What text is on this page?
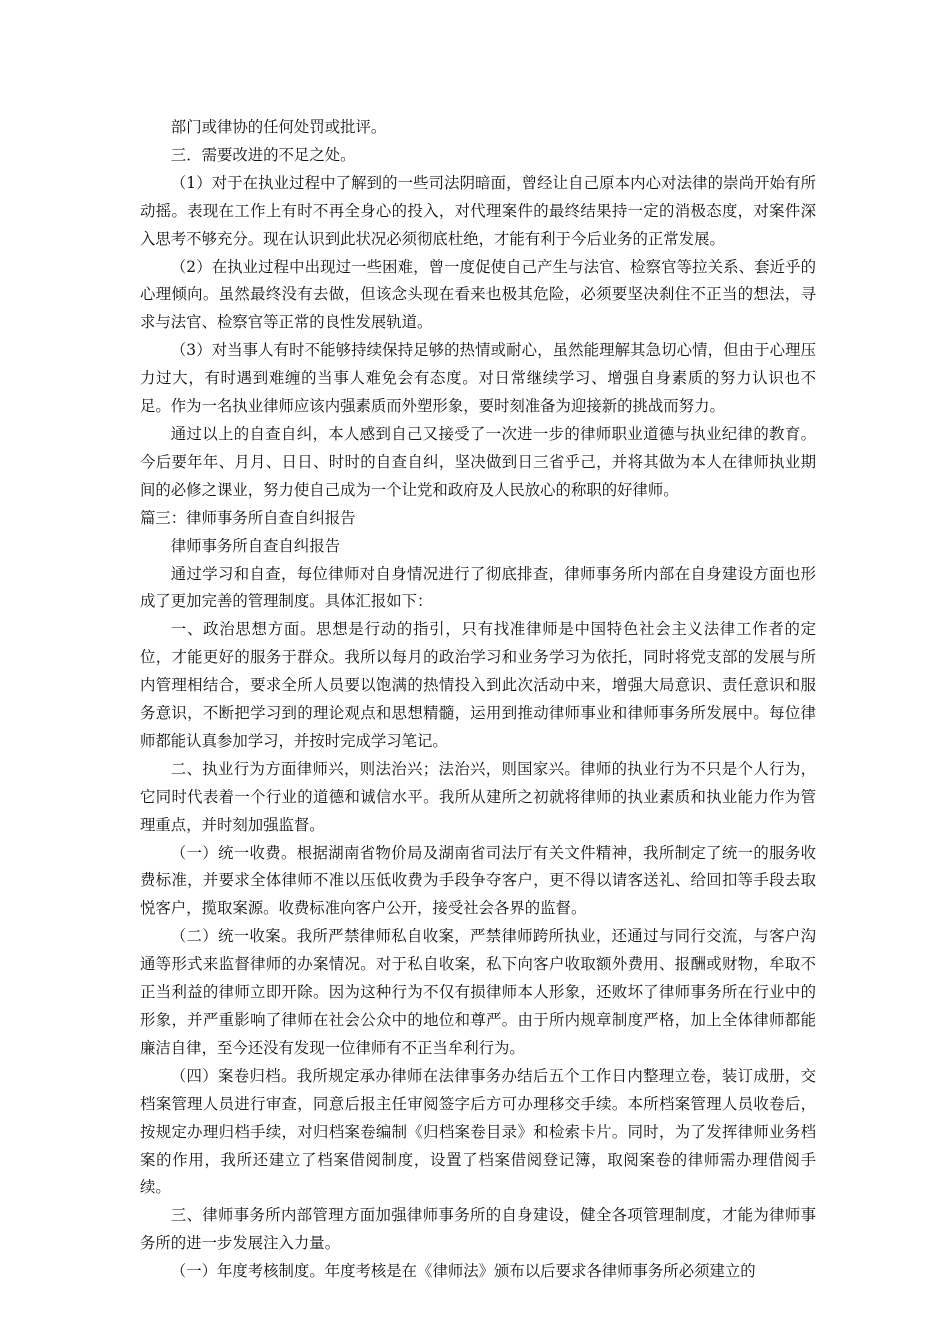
部门或律协的任何处罚或批评。

三．需要改进的不足之处。

（1）对于在执业过程中了解到的一些司法阴暗面，曾经让自己原本内心对法律的崇尚开始有所动摇。表现在工作上有时不再全身心的投入，对代理案件的最终结果持一定的消极态度，对案件深入思考不够充分。现在认识到此状况必须彻底杜绝，才能有利于今后业务的正常发展。

（2）在执业过程中出现过一些困难，曾一度促使自己产生与法官、检察官等拉关系、套近乎的心理倾向。虽然最终没有去做，但该念头现在看来也极其危险，必须要坚决刹住不正当的想法，寻求与法官、检察官等正常的良性发展轨道。

（3）对当事人有时不能够持续保持足够的热情或耐心，虽然能理解其急切心情，但由于心理压力过大，有时遇到难缠的当事人难免会有态度。对日常继续学习、增强自身素质的努力认识也不足。作为一名执业律师应该内强素质而外塑形象，要时刻准备为迎接新的挑战而努力。

通过以上的自查自纠，本人感到自己又接受了一次进一步的律师职业道德与执业纪律的教育。今后要年年、月月、日日、时时的自查自纠，坚决做到日三省乎己，并将其做为本人在律师执业期间的必修之课业，努力使自己成为一个让党和政府及人民放心的称职的好律师。

篇三：律师事务所自查自纠报告

律师事务所自查自纠报告

通过学习和自查，每位律师对自身情况进行了彻底排查，律师事务所内部在自身建设方面也形成了更加完善的管理制度。具体汇报如下：

一、政治思想方面。思想是行动的指引，只有找准律师是中国特色社会主义法律工作者的定位，才能更好的服务于群众。我所以每月的政治学习和业务学习为依托，同时将党支部的发展与所内管理相结合，要求全所人员要以饱满的热情投入到此次活动中来，增强大局意识、责任意识和服务意识，不断把学习到的理论观点和思想精髓，运用到推动律师事业和律师事务所发展中。每位律师都能认真参加学习，并按时完成学习笔记。

二、执业行为方面律师兴，则法治兴；法治兴，则国家兴。律师的执业行为不只是个人行为，它同时代表着一个行业的道德和诚信水平。我所从建所之初就将律师的执业素质和执业能力作为管理重点，并时刻加强监督。

（一）统一收费。根据湖南省物价局及湖南省司法厅有关文件精神，我所制定了统一的服务收费标准，并要求全体律师不准以压低收费为手段争夺客户，更不得以请客送礼、给回扣等手段去取悦客户，揽取案源。收费标准向客户公开，接受社会各界的监督。

（二）统一收案。我所严禁律师私自收案，严禁律师跨所执业，还通过与同行交流，与客户沟通等形式来监督律师的办案情况。对于私自收案，私下向客户收取额外费用、报酬或财物，牟取不正当利益的律师立即开除。因为这种行为不仅有损律师本人形象，还败坏了律师事务所在行业中的形象，并严重影响了律师在社会公众中的地位和尊严。由于所内规章制度严格，加上全体律师都能廉洁自律，至今还没有发现一位律师有不正当牟利行为。

（四）案卷归档。我所规定承办律师在法律事务办结后五个工作日内整理立卷，装订成册，交档案管理人员进行审查，同意后报主任审阅签字后方可办理移交手续。本所档案管理人员收卷后，按规定办理归档手续，对归档案卷编制《归档案卷目录》和检索卡片。同时，为了发挥律师业务档案的作用，我所还建立了档案借阅制度，设置了档案借阅登记簿，取阅案卷的律师需办理借阅手续。

三、律师事务所内部管理方面加强律师事务所的自身建设，健全各项管理制度，才能为律师事务所的进一步发展注入力量。

（一）年度考核制度。年度考核是在《律师法》颁布以后要求各律师事务所必须建立的
